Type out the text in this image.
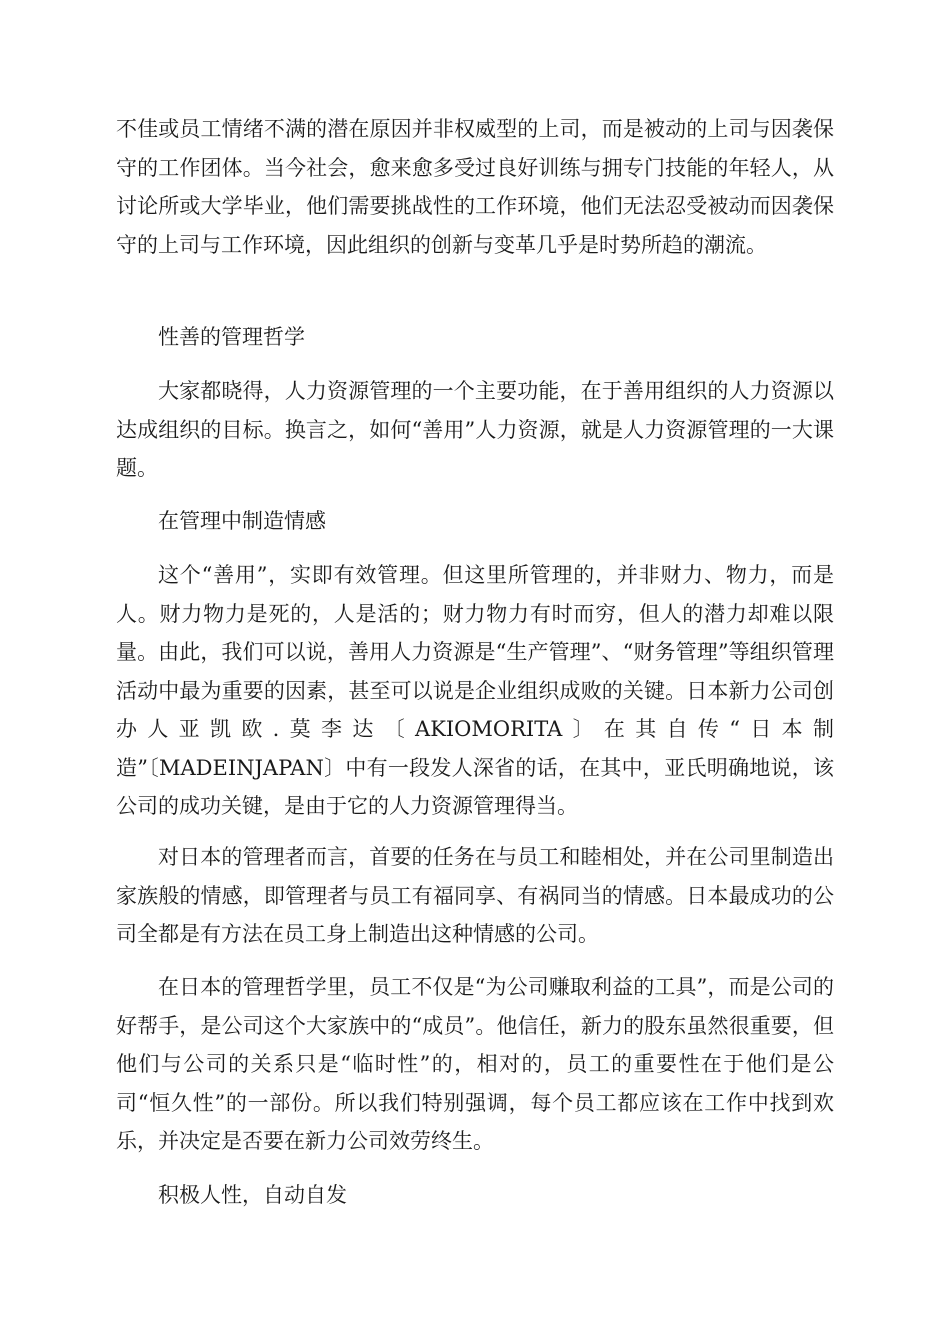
不佳或员工情绪不满的潜在原因并非权威型的上司，而是被动的上司与因袭保守的工作团体。当今社会，愈来愈多受过良好训练与拥专门技能的年轻人，从讨论所或大学毕业，他们需要挑战性的工作环境，他们无法忍受被动而因袭保守的上司与工作环境，因此组织的创新与变革几乎是时势所趋的潮流。

性善的管理哲学

大家都晓得，人力资源管理的一个主要功能，在于善用组织的人力资源以达成组织的目标。换言之，如何“善用”人力资源，就是人力资源管理的一大课题。

在管理中制造情感

这个“善用”，实即有效管理。但这里所管理的，并非财力、物力，而是人。财力物力是死的，人是活的；财力物力有时而穷，但人的潜力却难以限量。由此，我们可以说，善用人力资源是“生产管理”、“财务管理”等组织管理活动中最为重要的因素，甚至可以说是企业组织成败的关键。日本新力公司创办人亚凯欧.莫李达〔AKIOMORITA〕在其自传“日本制造”〔MADEINJAPAN〕中有一段发人深省的话，在其中，亚氏明确地说，该公司的成功关键，是由于它的人力资源管理得当。

对日本的管理者而言，首要的任务在与员工和睦相处，并在公司里制造出家族般的情感，即管理者与员工有福同享、有祸同当的情感。日本最成功的公司全都是有方法在员工身上制造出这种情感的公司。

在日本的管理哲学里，员工不仅是“为公司赚取利益的工具”，而是公司的好帮手，是公司这个大家族中的“成员”。他信任，新力的股东虽然很重要，但他们与公司的关系只是“临时性”的，相对的，员工的重要性在于他们是公司“恒久性”的一部份。所以我们特别强调，每个员工都应该在工作中找到欢乐，并决定是否要在新力公司效劳终生。

积极人性，自动自发
